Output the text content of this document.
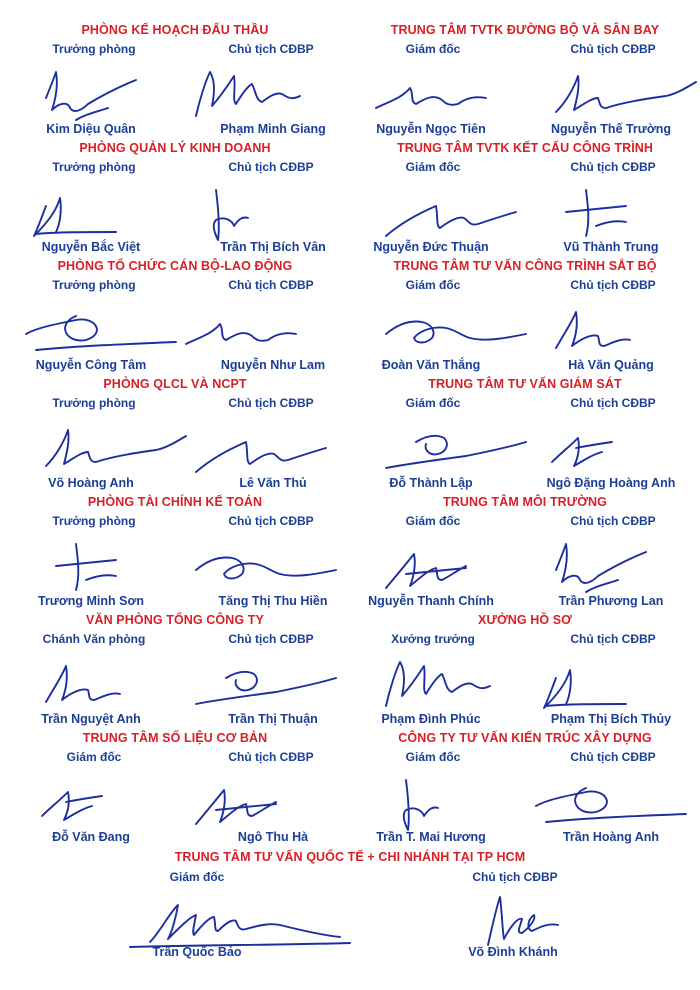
PHÒNG KẾ HOẠCH ĐẤU THẦU
Trưởng phòng
Kim Diệu Quân
Chủ tịch CĐBP
Phạm Minh Giang
PHÒNG QUẢN LÝ KINH DOANH
Trưởng phòng
Nguyễn Bắc Việt
Chủ tịch CĐBP
Trần Thị Bích Vân
PHÒNG TỔ CHỨC CÁN BỘ-LAO ĐỘNG
Trưởng phòng
Nguyễn Công Tâm
Chủ tịch CĐBP
Nguyễn Như Lam
PHÒNG QLCL VÀ NCPT
Trưởng phòng
Võ Hoàng Anh
Chủ tịch CĐBP
Lê Văn Thủ
PHÒNG TÀI CHÍNH KẾ TOÁN
Trưởng phòng
Trương Minh Sơn
Chủ tịch CĐBP
Tăng Thị Thu Hiền
VĂN PHÒNG TỔNG CÔNG TY
Chánh Văn phòng
Trần Nguyệt Anh
Chủ tịch CĐBP
Trần Thị Thuận
TRUNG TÂM SỐ LIỆU CƠ BẢN
Giám đốc
Đỗ Văn Đang
Chủ tịch CĐBP
Ngô Thu Hà
TRUNG TÂM TVTK ĐƯỜNG BỘ VÀ SÂN BAY
Giám đốc
Nguyễn Ngọc Tiên
Chủ tịch CĐBP
Nguyễn Thế Trường
TRUNG TÂM TVTK KẾT CẤU CÔNG TRÌNH
Giám đốc
Nguyễn Đức Thuận
Chủ tịch CĐBP
Vũ Thành Trung
TRUNG TÂM TƯ VẤN CÔNG TRÌNH SẮT BỘ
Giám đốc
Đoàn Văn Thắng
Chủ tịch CĐBP
Hà Văn Quảng
TRUNG TÂM TƯ VẤN GIÁM SÁT
Giám đốc
Đỗ Thành Lập
Chủ tịch CĐBP
Ngô Đặng Hoàng Anh
TRUNG TÂM MÔI TRƯỜNG
Giám đốc
Nguyễn Thanh Chính
Chủ tịch CĐBP
Trần Phương Lan
XƯỞNG HỒ SƠ
Xưởng trưởng
Phạm Đình Phúc
Chủ tịch CĐBP
Phạm Thị Bích Thủy
CÔNG TY TƯ VẤN KIẾN TRÚC XÂY DỰNG
Giám đốc
Trần T. Mai Hương
Chủ tịch CĐBP
Trần Hoàng Anh
TRUNG TÂM TƯ VẤN QUỐC TẾ + CHI NHÁNH TẠI TP HCM
Giám đốc	Chủ tịch CĐBP
Trần Quốc Bảo	Võ Đình Khánh
